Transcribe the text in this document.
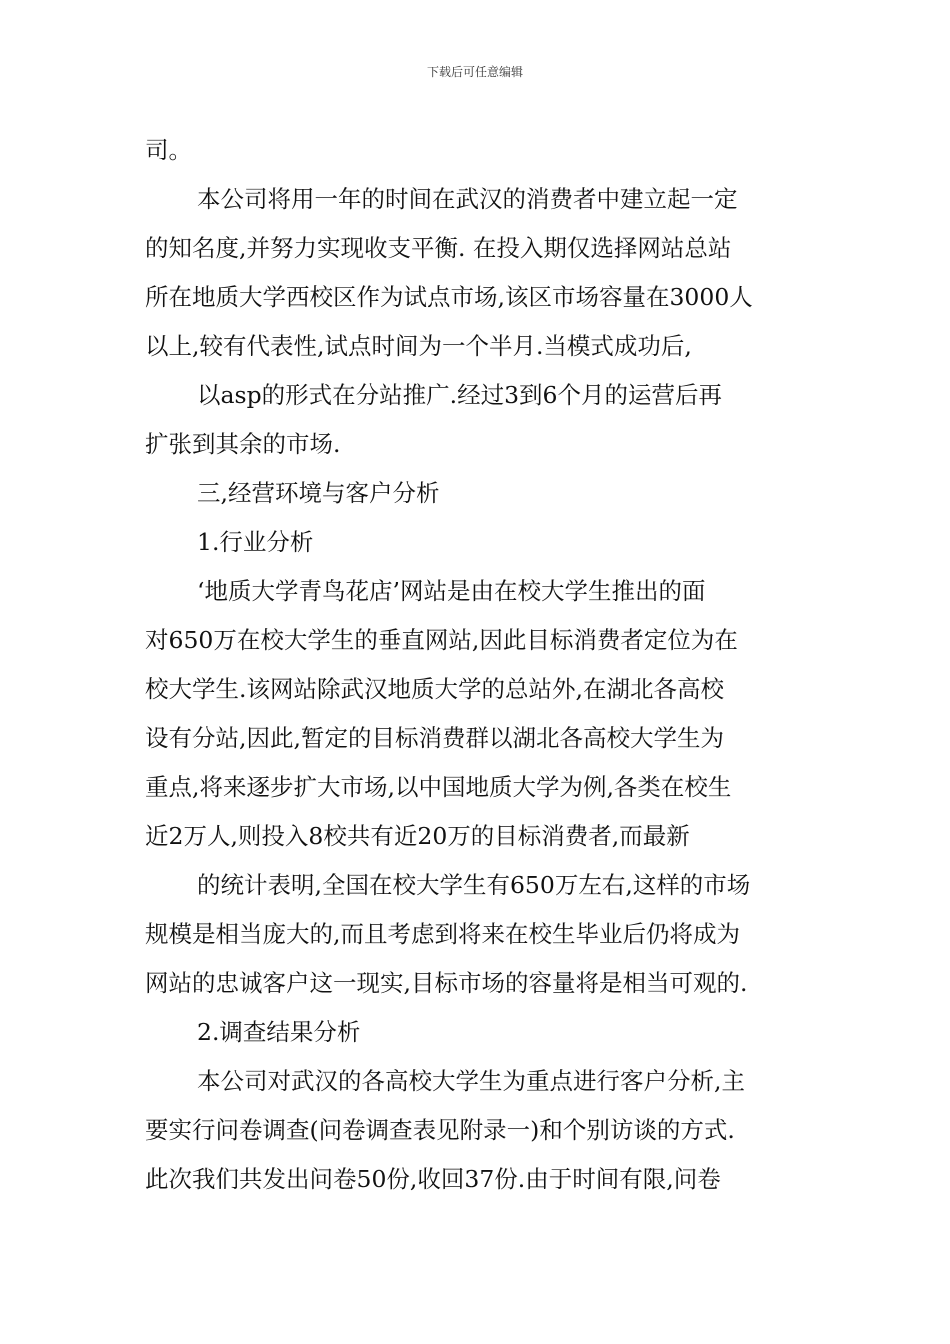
下载后可任意编辑
司。
本公司将用一年的时间在武汉的消费者中建立起一定
的知名度,并努力实现收支平衡. 在投入期仅选择网站总站
所在地质大学西校区作为试点市场,该区市场容量在3000人
以上,较有代表性,试点时间为一个半月.当模式成功后,
以asp的形式在分站推广.经过3到6个月的运营后再
扩张到其余的市场.
三,经营环境与客户分析
1.行业分析
‘地质大学青鸟花店’网站是由在校大学生推出的面
对650万在校大学生的垂直网站,因此目标消费者定位为在
校大学生.该网站除武汉地质大学的总站外,在湖北各高校
设有分站,因此,暂定的目标消费群以湖北各高校大学生为
重点,将来逐步扩大市场,以中国地质大学为例,各类在校生
近2万人,则投入8校共有近20万的目标消费者,而最新
的统计表明,全国在校大学生有650万左右,这样的市场
规模是相当庞大的,而且考虑到将来在校生毕业后仍将成为
网站的忠诚客户这一现实,目标市场的容量将是相当可观的.
2.调查结果分析
本公司对武汉的各高校大学生为重点进行客户分析,主
要实行问卷调查(问卷调查表见附录一)和个别访谈的方式.
此次我们共发出问卷50份,收回37份.由于时间有限,问卷
